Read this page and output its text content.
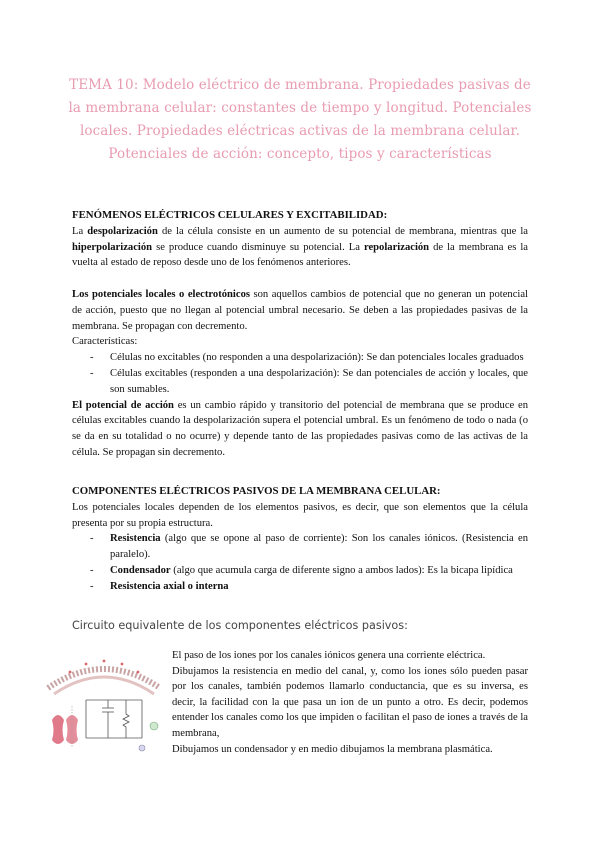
TEMA 10: Modelo eléctrico de membrana. Propiedades pasivas de la membrana celular: constantes de tiempo y longitud. Potenciales locales. Propiedades eléctricas activas de la membrana celular. Potenciales de acción: concepto, tipos y características
FENÓMENOS ELÉCTRICOS CELULARES Y EXCITABILIDAD:

La despolarización de la célula consiste en un aumento de su potencial de membrana, mientras que la hiperpolarización se produce cuando disminuye su potencial. La repolarización de la membrana es la vuelta al estado de reposo desde uno de los fenómenos anteriores.

Los potenciales locales o electrotónicos son aquellos cambios de potencial que no generan un potencial de acción, puesto que no llegan al potencial umbral necesario. Se deben a las propiedades pasivas de la membrana. Se propagan con decremento.

Características:

- Células no excitables (no responden a una despolarización): Se dan potenciales locales graduados
- Células excitables (responden a una despolarización): Se dan potenciales de acción y locales, que son sumables.

El potencial de acción es un cambio rápido y transitorio del potencial de membrana que se produce en células excitables cuando la despolarización supera el potencial umbral. Es un fenómeno de todo o nada (o se da en su totalidad o no ocurre) y depende tanto de las propiedades pasivas como de las activas de la célula. Se propagan sin decremento.

COMPONENTES ELÉCTRICOS PASIVOS DE LA MEMBRANA CELULAR:

Los potenciales locales dependen de los elementos pasivos, es decir, que son elementos que la célula presenta por su propia estructura.

- Resistencia (algo que se opone al paso de corriente): Son los canales iónicos. (Resistencia en paralelo).
- Condensador (algo que acumula carga de diferente signo a ambos lados): Es la bicapa lipídica
- Resistencia axial o interna
Circuito equivalente de los componentes eléctricos pasivos:

El paso de los iones por los canales iónicos genera una corriente eléctrica.

Dibujamos la resistencia en medio del canal, y, como los iones sólo pueden pasar por los canales, también podemos llamarlo conductancia, que es su inversa, es decir, la facilidad con la que pasa un ion de un punto a otro. Es decir, podemos entender los canales como los que impiden o facilitan el paso de iones a través de la membrana,

Dibujamos un condensador y en medio dibujamos la membrana plasmática.
